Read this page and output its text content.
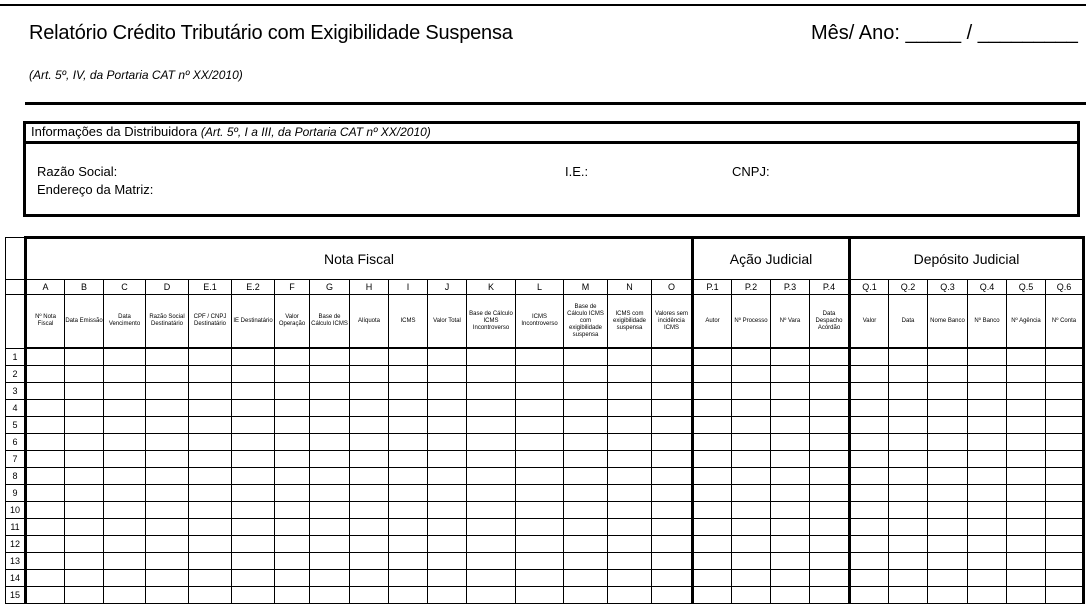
Relatório Crédito Tributário com Exigibilidade Suspensa	Mês/ Ano: _____ / _________
(Art. 5º, IV, da Portaria CAT nº XX/2010)
Informações da Distribuidora (Art. 5º, I a III, da Portaria CAT nº XX/2010)
Razão Social:	I.E.:	CNPJ:
Endereço da Matriz:
	Nota Fiscal																Ação Judicial				Depósito Judicial					
	A	B	C	D	E.1	E.2	F	G	H	I	J	K	L	M	N	O	P.1	P.2	P.3	P.4	Q.1	Q.2	Q.3	Q.4	Q.5	Q.6
	Nº Nota Fiscal	Data Emissão	Data Vencimento	Razão Social Destinatário	CPF / CNPJ Destinatário	IE Destinatário	Valor Operação	Base de Cálculo ICMS	Alíquota	ICMS	Valor Total	Base de Cálculo ICMS Incontroverso	ICMS Incontroverso	Base de Cálculo ICMS com exigibilidade suspensa	ICMS com exigibilidade suspensa	Valores sem incidência ICMS	Autor	Nº Processo	Nº Vara	Data Despacho Acórdão	Valor	Data	Nome Banco	Nº Banco	Nº Agência	Nº Conta
1																										
2																										
3																										
4																										
5																										
6																										
7																										
8																										
9																										
10																										
11																										
12																										
13																										
14																										
15																										
